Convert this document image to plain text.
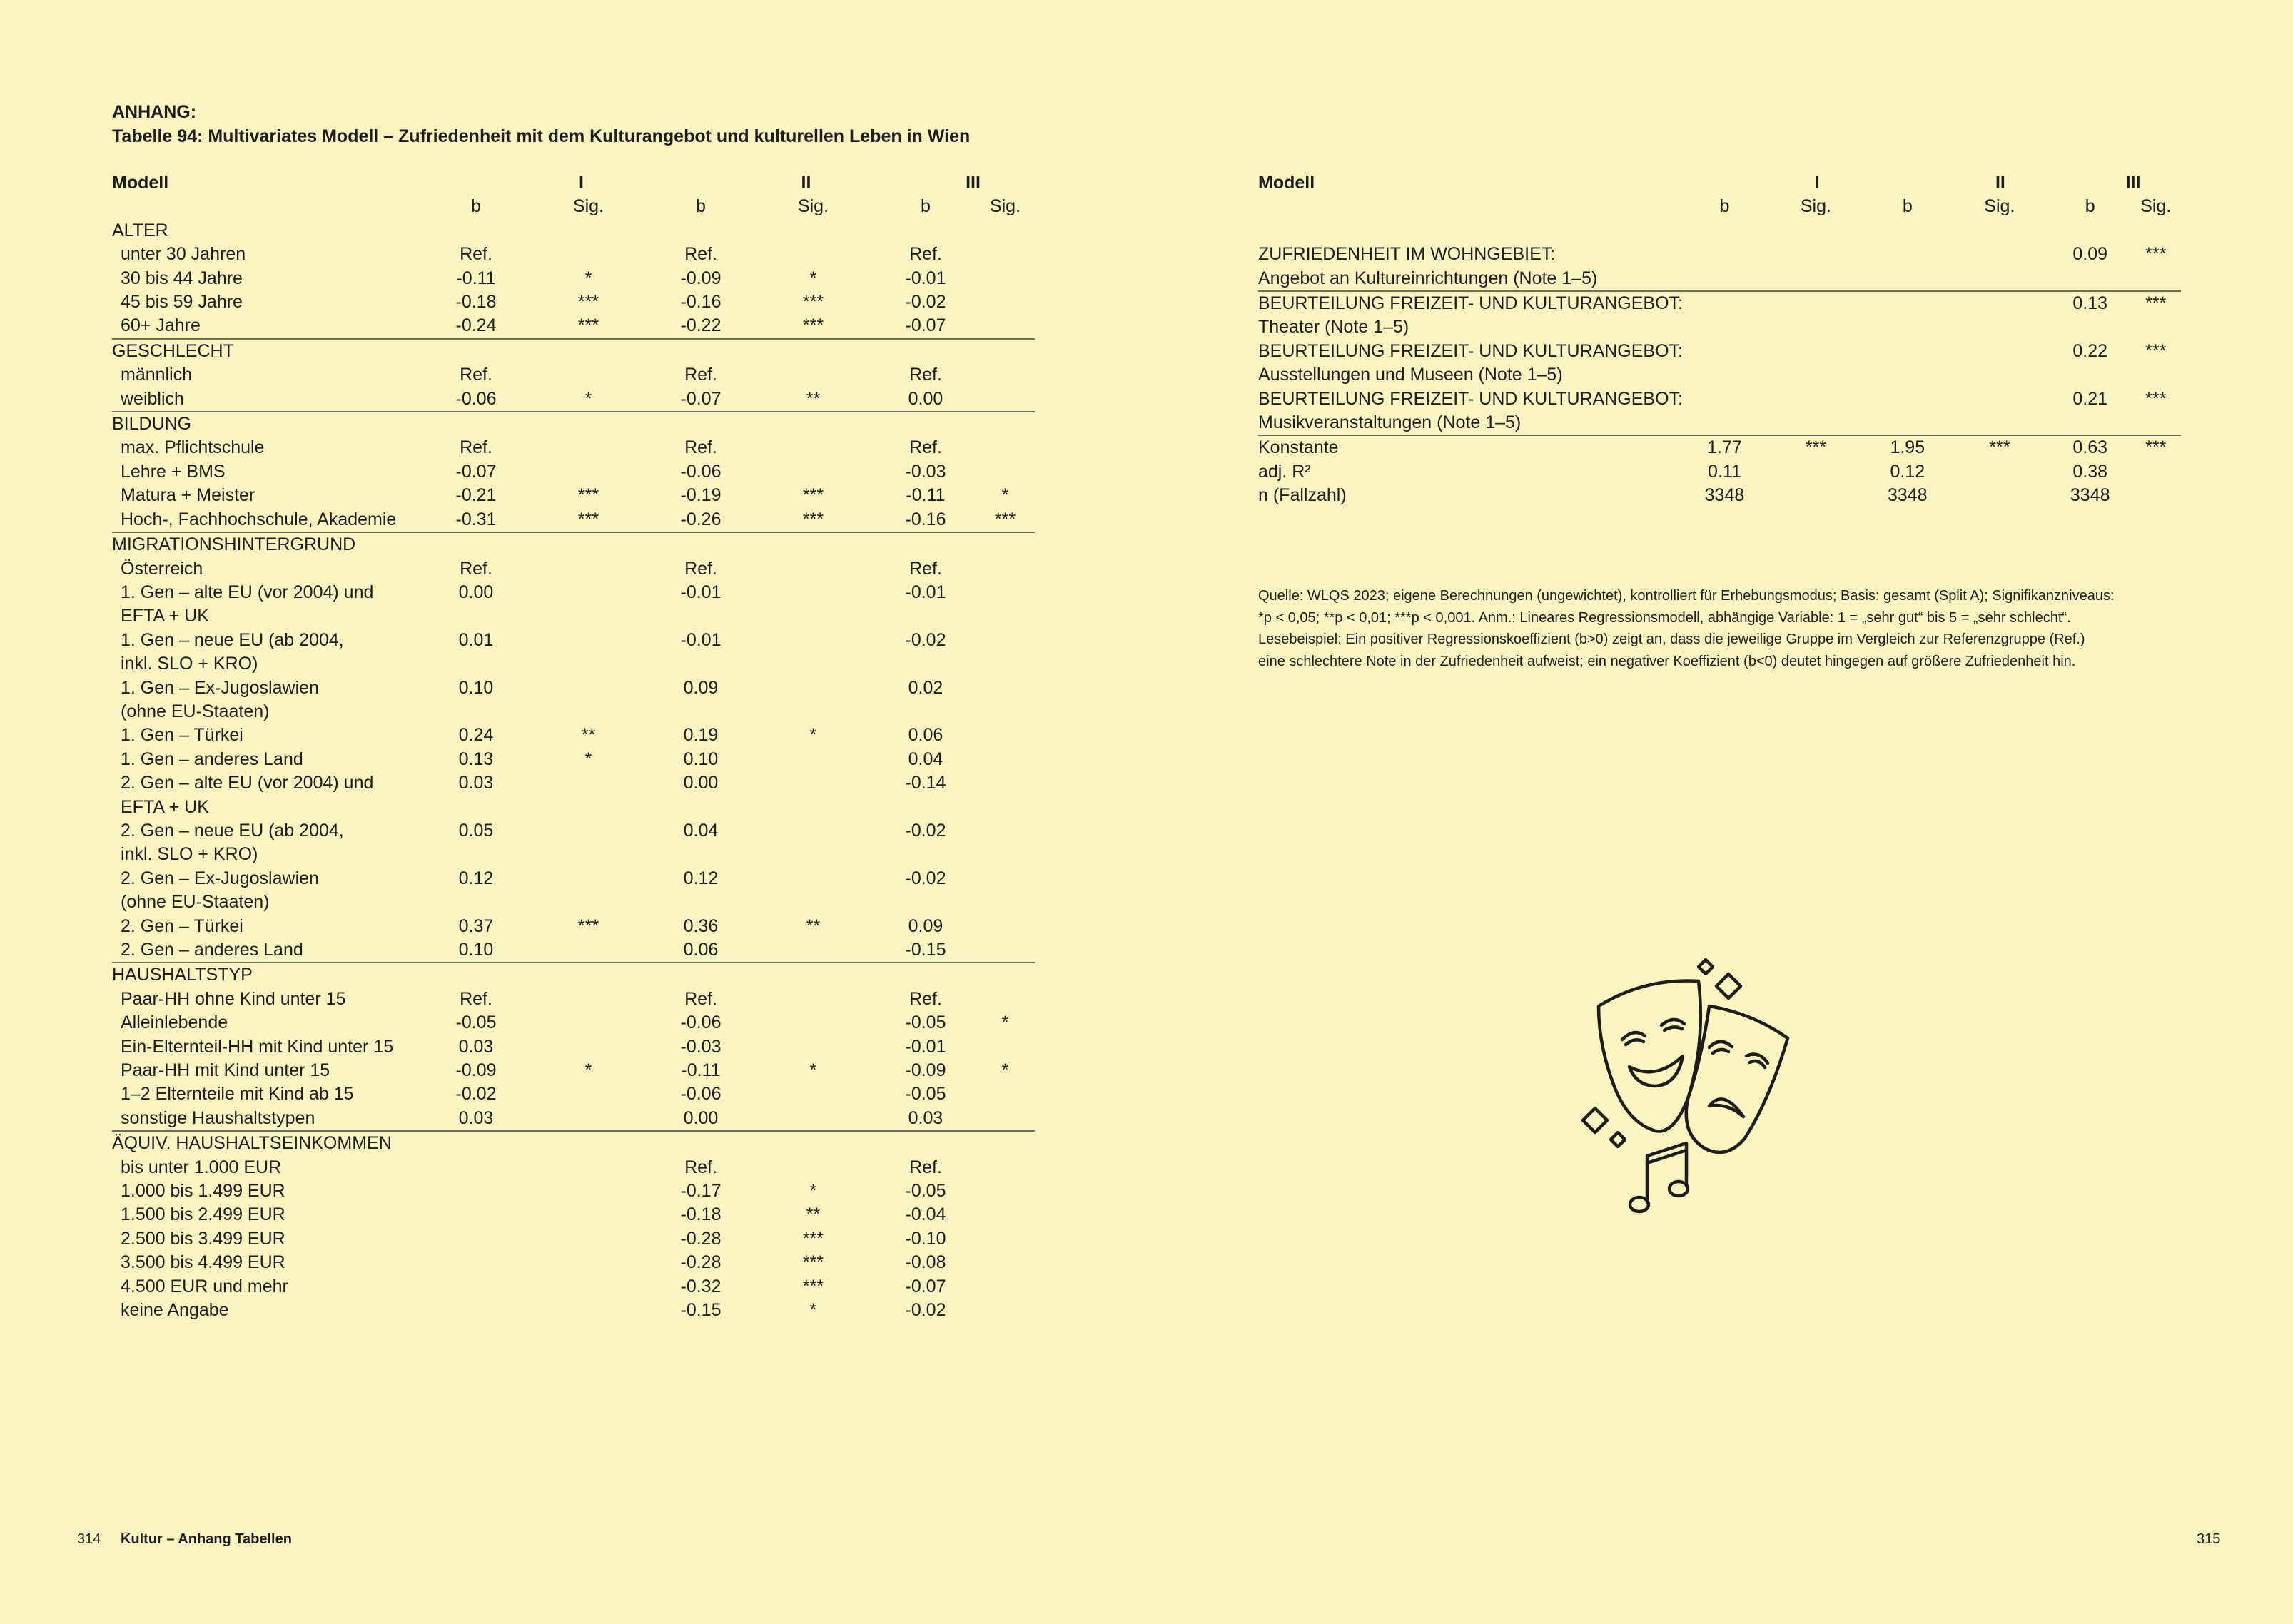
ANHANG:
Tabelle 94: Multivariates Modell – Zufriedenheit mit dem Kulturangebot und kulturellen Leben in Wien
Modell	I		II		III	
	b	Sig.	b	Sig.	b	Sig.
ALTER						
unter 30 Jahren	Ref.		Ref.		Ref.	
30 bis 44 Jahre	-0.11	*	-0.09	*	-0.01	
45 bis 59 Jahre	-0.18	***	-0.16	***	-0.02	
60+ Jahre	-0.24	***	-0.22	***	-0.07	
GESCHLECHT						
männlich	Ref.		Ref.		Ref.	
weiblich	-0.06	*	-0.07	**	0.00	
BILDUNG						
max. Pflichtschule	Ref.		Ref.		Ref.	
Lehre + BMS	-0.07		-0.06		-0.03	
Matura + Meister	-0.21	***	-0.19	***	-0.11	*
Hoch-, Fachhochschule, Akademie	-0.31	***	-0.26	***	-0.16	***
MIGRATIONSHINTERGRUND						
Österreich	Ref.		Ref.		Ref.	
1. Gen – alte EU (vor 2004) und	0.00		-0.01		-0.01	
EFTA + UK						
1. Gen – neue EU (ab 2004,	0.01		-0.01		-0.02	
inkl. SLO + KRO)						
1. Gen – Ex-Jugoslawien	0.10		0.09		0.02	
(ohne EU-Staaten)						
1. Gen – Türkei	0.24	**	0.19	*	0.06	
1. Gen – anderes Land	0.13	*	0.10		0.04	
2. Gen – alte EU (vor 2004) und	0.03		0.00		-0.14	
EFTA + UK						
2. Gen – neue EU (ab 2004,	0.05		0.04		-0.02	
inkl. SLO + KRO)						
2. Gen – Ex-Jugoslawien	0.12		0.12		-0.02	
(ohne EU-Staaten)						
2. Gen – Türkei	0.37	***	0.36	**	0.09	
2. Gen – anderes Land	0.10		0.06		-0.15	
HAUSHALTSTYP						
Paar-HH ohne Kind unter 15	Ref.		Ref.		Ref.	
Alleinlebende	-0.05		-0.06		-0.05	*
Ein-Elternteil-HH mit Kind unter 15	0.03		-0.03		-0.01	
Paar-HH mit Kind unter 15	-0.09	*	-0.11	*	-0.09	*
1–2 Elternteile mit Kind ab 15	-0.02		-0.06		-0.05	
sonstige Haushaltstypen	0.03		0.00		0.03	
ÄQUIV. HAUSHALTSEINKOMMEN						
bis unter 1.000 EUR			Ref.		Ref.	
1.000 bis 1.499 EUR			-0.17	*	-0.05	
1.500 bis 2.499 EUR			-0.18	**	-0.04	
2.500 bis 3.499 EUR			-0.28	***	-0.10	
3.500 bis 4.499 EUR			-0.28	***	-0.08	
4.500 EUR und mehr			-0.32	***	-0.07	
keine Angabe			-0.15	*	-0.02	
Modell	I		II		III	
	b	Sig.	b	Sig.	b	Sig.

ZUFRIEDENHEIT IM WOHNGEBIET:					0.09	***
Angebot an Kultureinrichtungen (Note 1–5)						
BEURTEILUNG FREIZEIT- UND KULTURANGEBOT:					0.13	***
Theater (Note 1–5)						
BEURTEILUNG FREIZEIT- UND KULTURANGEBOT:					0.22	***
Ausstellungen und Museen (Note 1–5)						
BEURTEILUNG FREIZEIT- UND KULTURANGEBOT:					0.21	***
Musikveranstaltungen (Note 1–5)						
Konstante	1.77	***	1.95	***	0.63	***
adj. R²	0.11		0.12		0.38	
n (Fallzahl)	3348		3348		3348	
Quelle: WLQS 2023; eigene Berechnungen (ungewichtet), kontrolliert für Erhebungsmodus; Basis: gesamt (Split A); Signifikanzniveaus:
*p < 0,05; **p < 0,01; ***p < 0,001. Anm.: Lineares Regressionsmodell, abhängige Variable: 1 = „sehr gut“ bis 5 = „sehr schlecht“.
Lesebeispiel: Ein positiver Regressionskoeffizient (b>0) zeigt an, dass die jeweilige Gruppe im Vergleich zur Referenzgruppe (Ref.)
eine schlechtere Note in der Zufriedenheit aufweist; ein negativer Koeffizient (b<0) deutet hingegen auf größere Zufriedenheit hin.
314 Kultur – Anhang Tabellen	315
